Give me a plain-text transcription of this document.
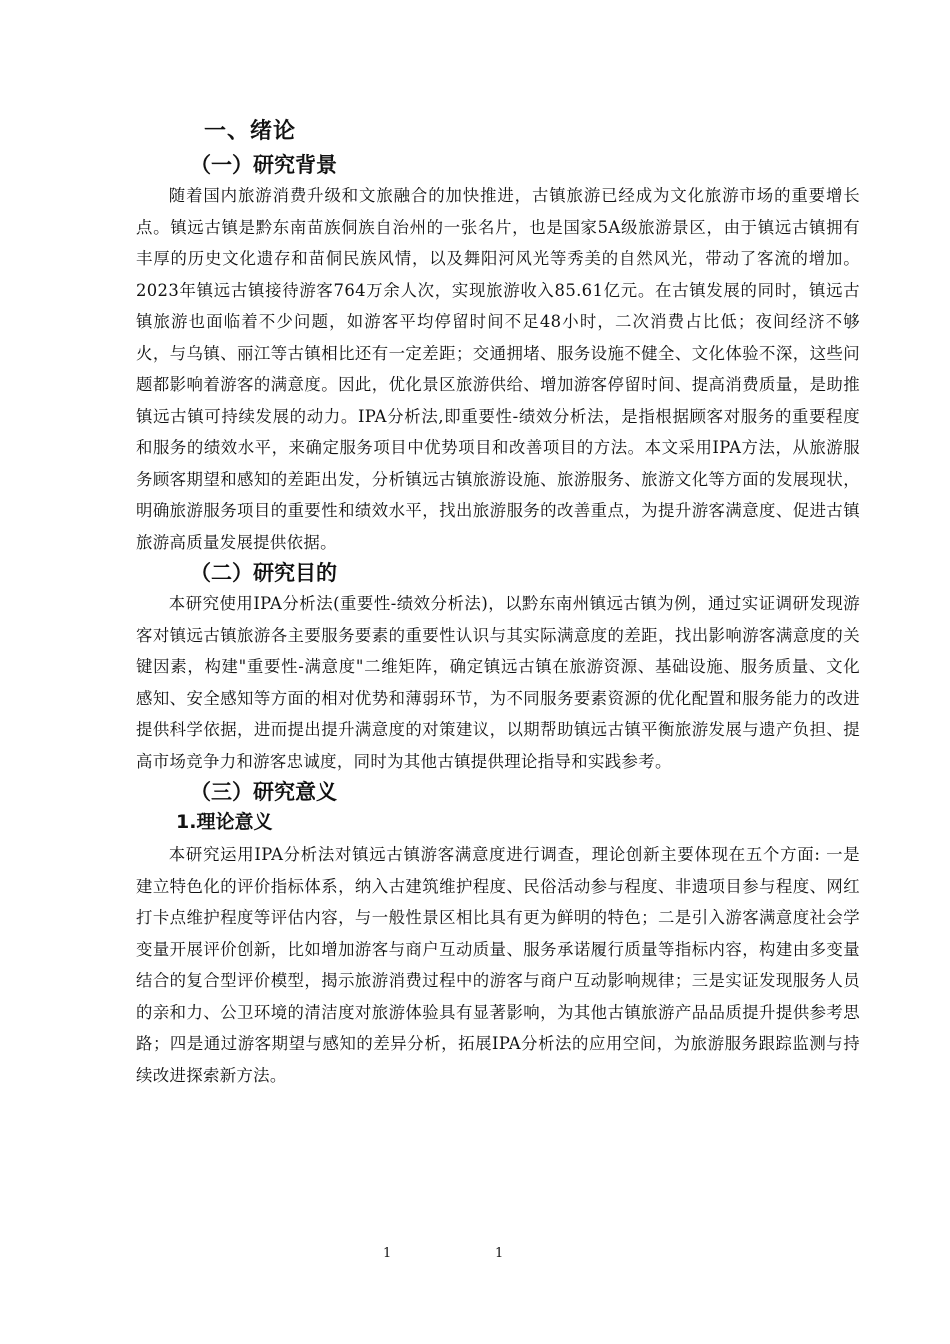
一、绪论
（一）研究背景

随着国内旅游消费升级和文旅融合的加快推进，古镇旅游已经成为文化旅游市场的重要增长点。镇远古镇是黔东南苗族侗族自治州的一张名片，也是国家5A级旅游景区，由于镇远古镇拥有丰厚的历史文化遗存和苗侗民族风情，以及舞阳河风光等秀美的自然风光，带动了客流的增加。2023年镇远古镇接待游客764万余人次，实现旅游收入85.61亿元。在古镇发展的同时，镇远古镇旅游也面临着不少问题，如游客平均停留时间不足48小时，二次消费占比低；夜间经济不够火，与乌镇、丽江等古镇相比还有一定差距；交通拥堵、服务设施不健全、文化体验不深，这些问题都影响着游客的满意度。因此，优化景区旅游供给、增加游客停留时间、提高消费质量，是助推镇远古镇可持续发展的动力。IPA分析法,即重要性-绩效分析法，是指根据顾客对服务的重要程度和服务的绩效水平，来确定服务项目中优势项目和改善项目的方法。本文采用IPA方法，从旅游服务顾客期望和感知的差距出发，分析镇远古镇旅游设施、旅游服务、旅游文化等方面的发展现状，明确旅游服务项目的重要性和绩效水平，找出旅游服务的改善重点，为提升游客满意度、促进古镇旅游高质量发展提供依据。

（二）研究目的

本研究使用IPA分析法(重要性-绩效分析法)，以黔东南州镇远古镇为例，通过实证调研发现游客对镇远古镇旅游各主要服务要素的重要性认识与其实际满意度的差距，找出影响游客满意度的关键因素，构建"重要性-满意度"二维矩阵，确定镇远古镇在旅游资源、基础设施、服务质量、文化感知、安全感知等方面的相对优势和薄弱环节，为不同服务要素资源的优化配置和服务能力的改进提供科学依据，进而提出提升满意度的对策建议，以期帮助镇远古镇平衡旅游发展与遗产负担、提高市场竞争力和游客忠诚度，同时为其他古镇提供理论指导和实践参考。

（三）研究意义
1.理论意义

本研究运用IPA分析法对镇远古镇游客满意度进行调查，理论创新主要体现在五个方面: 一是建立特色化的评价指标体系，纳入古建筑维护程度、民俗活动参与程度、非遗项目参与程度、网红打卡点维护程度等评估内容，与一般性景区相比具有更为鲜明的特色；二是引入游客满意度社会学变量开展评价创新，比如增加游客与商户互动质量、服务承诺履行质量等指标内容，构建由多变量结合的复合型评价模型，揭示旅游消费过程中的游客与商户互动影响规律；三是实证发现服务人员的亲和力、公卫环境的清洁度对旅游体验具有显著影响，为其他古镇旅游产品品质提升提供参考思路；四是通过游客期望与感知的差异分析，拓展IPA分析法的应用空间，为旅游服务跟踪监测与持续改进探索新方法。

1	1
